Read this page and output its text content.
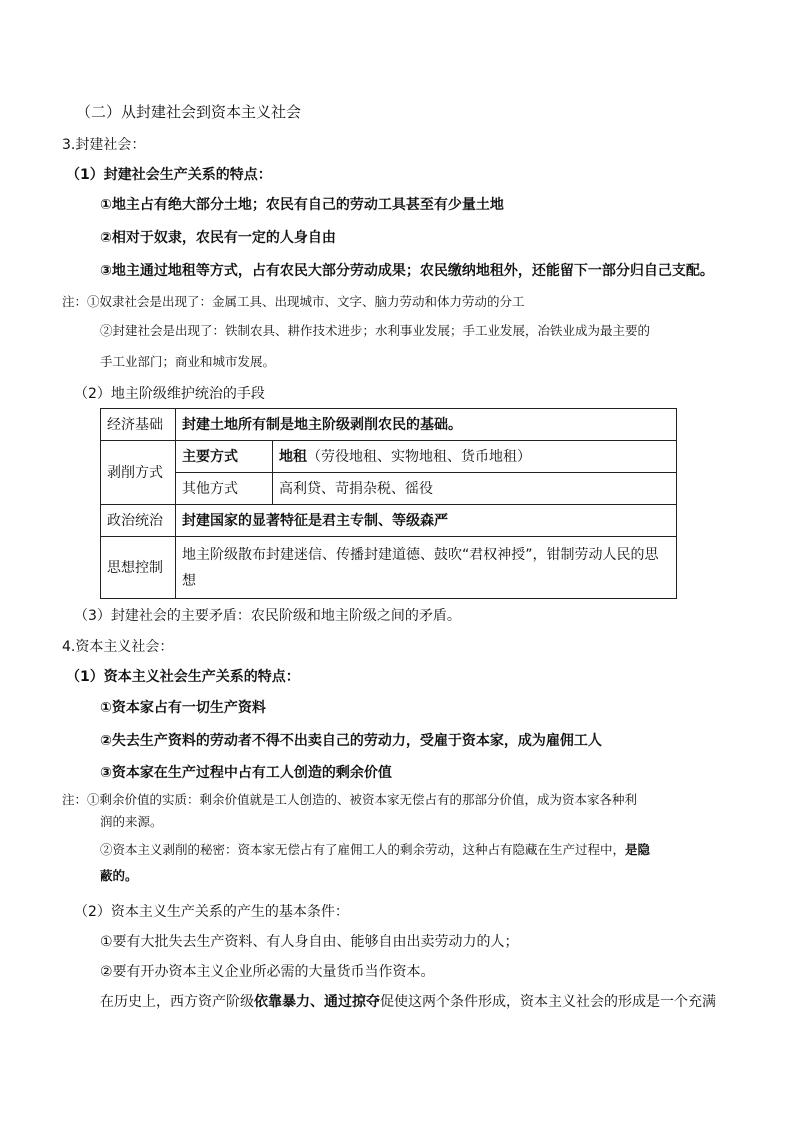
（二）从封建社会到资本主义社会
3.封建社会：
（1）封建社会生产关系的特点：
①地主占有绝大部分土地；农民有自己的劳动工具甚至有少量土地
②相对于奴隶，农民有一定的人身自由
③地主通过地租等方式，占有农民大部分劳动成果；农民缴纳地租外，还能留下一部分归自己支配。
注：①奴隶社会是出现了：金属工具、出现城市、文字、脑力劳动和体力劳动的分工
②封建社会是出现了：铁制农具、耕作技术进步；水利事业发展；手工业发展，冶铁业成为最主要的
手工业部门；商业和城市发展。
（2）地主阶级维护统治的手段
经济基础	封建土地所有制是地主阶级剥削农民的基础。	
剥削方式	主要方式	地租（劳役地租、实物地租、货币地租）
	其他方式	高利贷、苛捐杂税、徭役
政治统治	封建国家的显著特征是君主专制、等级森严	
思想控制	地主阶级散布封建迷信、传播封建道德、鼓吹“君权神授”，钳制劳动人民的思想	
（3）封建社会的主要矛盾：农民阶级和地主阶级之间的矛盾。
4.资本主义社会：
（1）资本主义社会生产关系的特点：
①资本家占有一切生产资料
②失去生产资料的劳动者不得不出卖自己的劳动力，受雇于资本家，成为雇佣工人
③资本家在生产过程中占有工人创造的剩余价值
注：①剩余价值的实质：剩余价值就是工人创造的、被资本家无偿占有的那部分价值，成为资本家各种利
润的来源。
②资本主义剥削的秘密：资本家无偿占有了雇佣工人的剩余劳动，这种占有隐藏在生产过程中，是隐
蔽的。
（2）资本主义生产关系的产生的基本条件：
①要有大批失去生产资料、有人身自由、能够自由出卖劳动力的人；
②要有开办资本主义企业所必需的大量货币当作资本。
在历史上，西方资产阶级依靠暴力、通过掠夺促使这两个条件形成，资本主义社会的形成是一个充满
